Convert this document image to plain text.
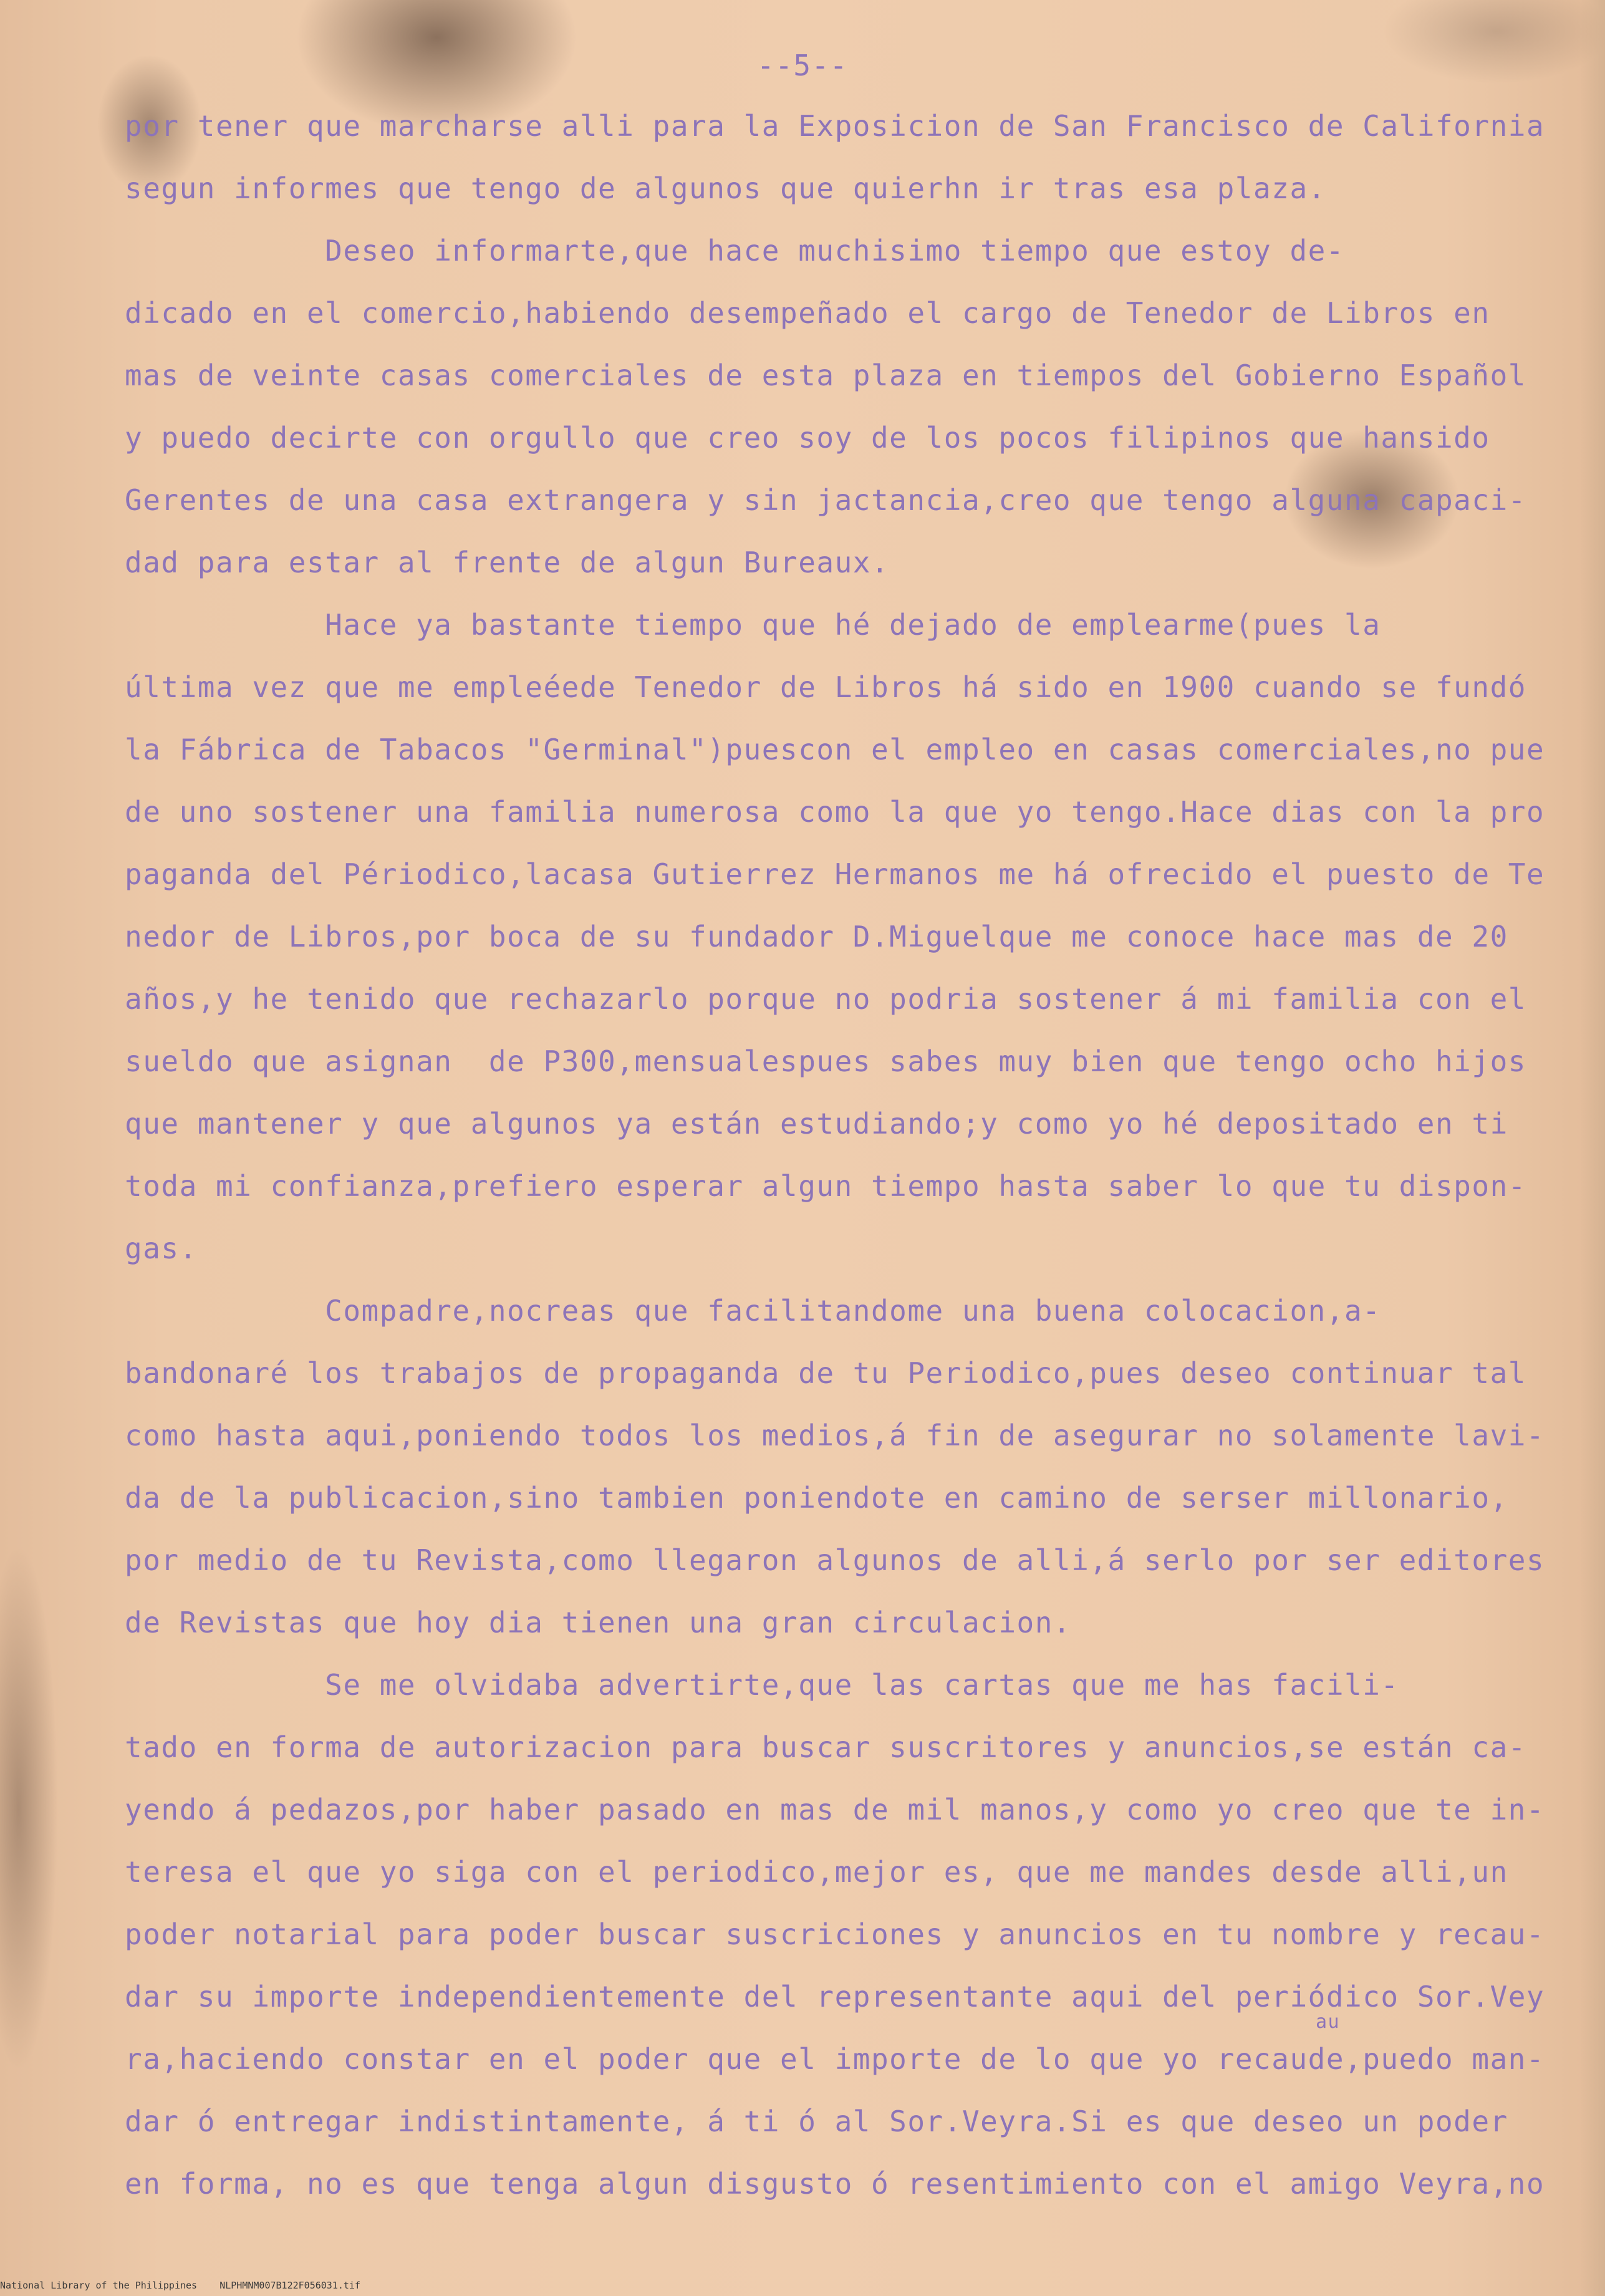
--5--
por tener que marcharse alli para la Exposicion de San Francisco de California
segun informes que tengo de algunos que quierhn ir tras esa plaza.
Deseo informarte,que hace muchisimo tiempo que estoy de-
dicado en el comercio,habiendo desempeñado el cargo de Tenedor de Libros en
mas de veinte casas comerciales de esta plaza en tiempos del Gobierno Español
y puedo decirte con orgullo que creo soy de los pocos filipinos que hansido
Gerentes de una casa extrangera y sin jactancia,creo que tengo alguna capaci-
dad para estar al frente de algun Bureaux.
Hace ya bastante tiempo que hé dejado de emplearme(pues la
última vez que me empleéede Tenedor de Libros há sido en 1900 cuando se fundó
la Fábrica de Tabacos "Germinal")puescon el empleo en casas comerciales,no pue
de uno sostener una familia numerosa como la que yo tengo.Hace dias con la pro
paganda del Périodico,lacasa Gutierrez Hermanos me há ofrecido el puesto de Te
nedor de Libros,por boca de su fundador D.Miguelque me conoce hace mas de 20
años,y he tenido que rechazarlo porque no podria sostener á mi familia con el
sueldo que asignan  de P300,mensualespues sabes muy bien que tengo ocho hijos
que mantener y que algunos ya están estudiando;y como yo hé depositado en ti
toda mi confianza,prefiero esperar algun tiempo hasta saber lo que tu dispon-
gas.
Compadre,nocreas que facilitandome una buena colocacion,a-
bandonaré los trabajos de propaganda de tu Periodico,pues deseo continuar tal
como hasta aqui,poniendo todos los medios,á fin de asegurar no solamente lavi-
da de la publicacion,sino tambien poniendote en camino de serser millonario,
por medio de tu Revista,como llegaron algunos de alli,á serlo por ser editores
de Revistas que hoy dia tienen una gran circulacion.
Se me olvidaba advertirte,que las cartas que me has facili-
tado en forma de autorizacion para buscar suscritores y anuncios,se están ca-
yendo á pedazos,por haber pasado en mas de mil manos,y como yo creo que te in-
teresa el que yo siga con el periodico,mejor es, que me mandes desde alli,un
poder notarial para poder buscar suscriciones y anuncios en tu nombre y recau-
dar su importe independientemente del representante aqui del periódico Sor.Vey
au
ra,haciendo constar en el poder que el importe de lo que yo recaude,puedo man-
dar ó entregar indistintamente, á ti ó al Sor.Veyra.Si es que deseo un poder
en forma, no es que tenga algun disgusto ó resentimiento con el amigo Veyra,no
National Library of the Philippines    NLPHMNM007B122F056031.tif
